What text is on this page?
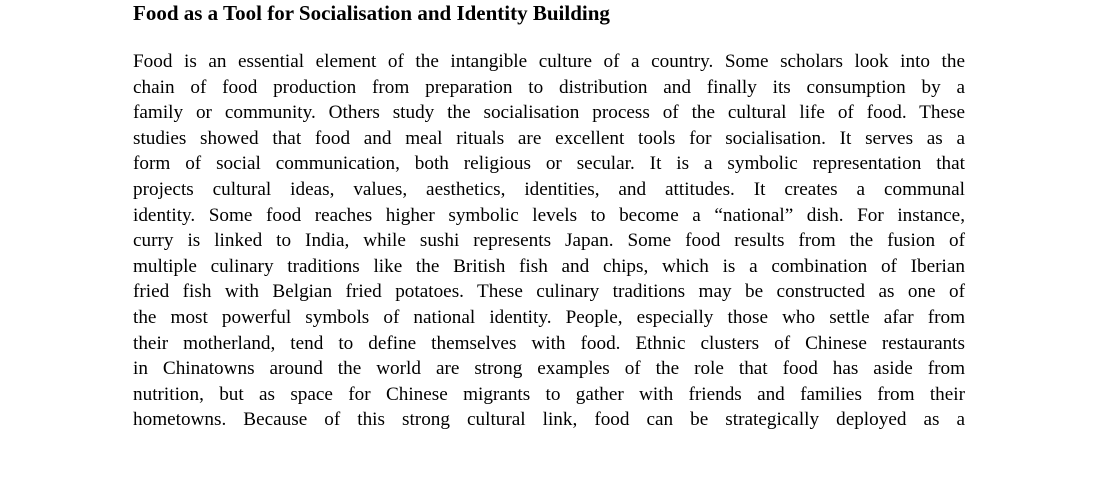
Food as a Tool for Socialisation and Identity Building
Food is an essential element of the intangible culture of a country. Some scholars look into the
chain of food production from preparation to distribution and finally its consumption by a
family or community. Others study the socialisation process of the cultural life of food. These
studies showed that food and meal rituals are excellent tools for socialisation. It serves as a
form of social communication, both religious or secular. It is a symbolic representation that
projects cultural ideas, values, aesthetics, identities, and attitudes. It creates a communal
identity. Some food reaches higher symbolic levels to become a “national” dish. For instance,
curry is linked to India, while sushi represents Japan. Some food results from the fusion of
multiple culinary traditions like the British fish and chips, which is a combination of Iberian
fried fish with Belgian fried potatoes. These culinary traditions may be constructed as one of
the most powerful symbols of national identity. People, especially those who settle afar from
their motherland, tend to define themselves with food. Ethnic clusters of Chinese restaurants
in Chinatowns around the world are strong examples of the role that food has aside from
nutrition, but as space for Chinese migrants to gather with friends and families from their
hometowns. Because of this strong cultural link, food can be strategically deployed as a
